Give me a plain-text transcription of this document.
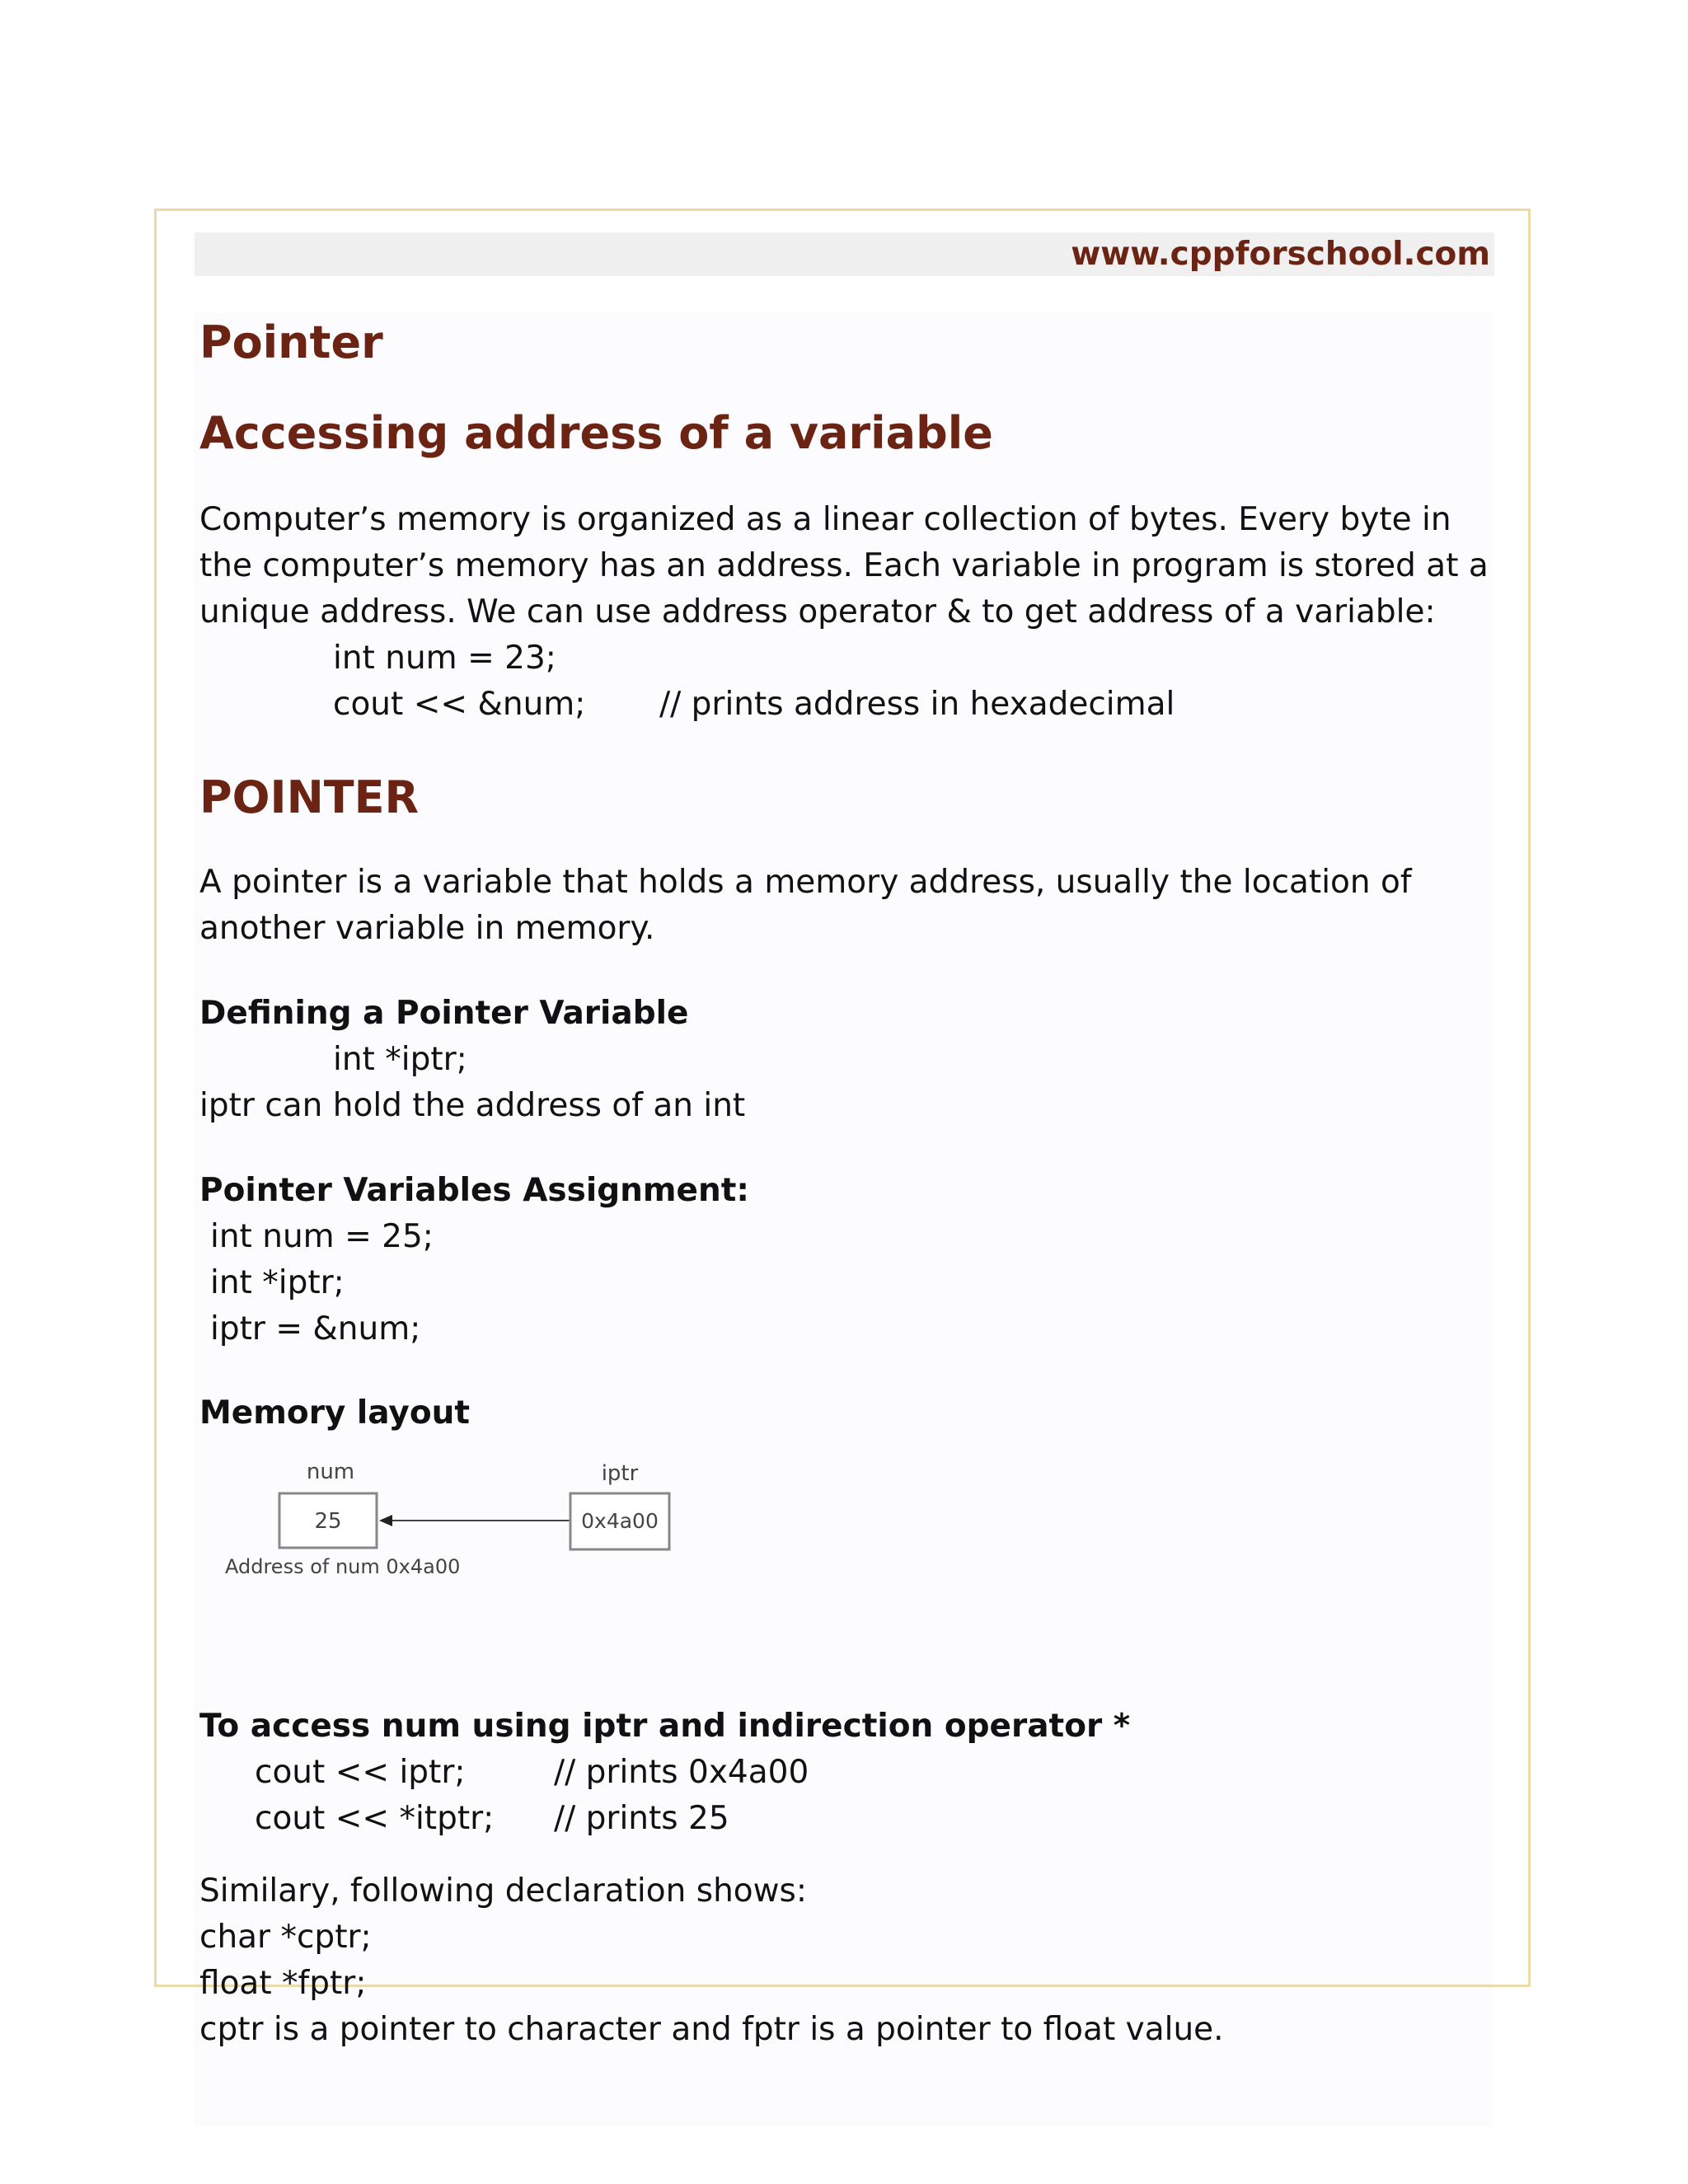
www.cppforschool.com
Pointer
Accessing address of a variable

Computer’s memory is organized as a linear collection of bytes. Every byte in

the computer’s memory has an address. Each variable in program is stored at a

unique address. We can use address operator & to get address of a variable:

int num = 23;
cout << &num; // prints address in hexadecimal
POINTER

A pointer is a variable that holds a memory address, usually the location of

another variable in memory.

Defining a Pointer Variable

int *iptr;

iptr can hold the address of an int

Pointer Variables Assignment:

int num = 25;
int *iptr;
iptr = &num;

To access num using iptr and indirection operator *

cout << iptr;	// prints 0x4a00
cout << *itptr; // prints 25

Similary, following declaration shows:

char *cptr;
float *fptr;

cptr is a pointer to character and fptr is a pointer to float value.

Memory layout

num
25
iptr
0x4a00
Address of num 0x4a00
